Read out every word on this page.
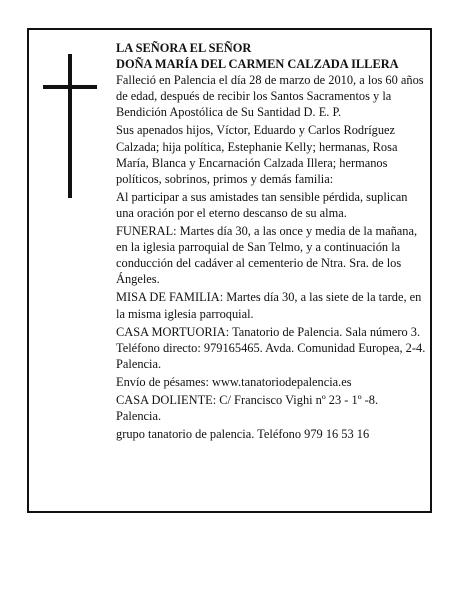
LA SEÑORA EL SEÑOR
DOÑA MARÍA DEL CARMEN CALZADA ILLERA

Falleció en Palencia el día 28 de marzo de 2010, a los 60 años de edad, después de recibir los Santos Sacramentos y la Bendición Apostólica de Su Santidad D. E. P.

Sus apenados hijos, Víctor, Eduardo y Carlos Rodríguez Calzada; hija política, Estephanie Kelly; hermanas, Rosa María, Blanca y Encarnación Calzada Illera; hermanos políticos, sobrinos, primos y demás familia:

Al participar a sus amistades tan sensible pérdida, suplican una oración por el eterno descanso de su alma.

FUNERAL: Martes día 30, a las once y media de la mañana, en la iglesia parroquial de San Telmo, y a continuación la conducción del cadáver al cementerio de Ntra. Sra. de los Ángeles.

MISA DE FAMILIA: Martes día 30, a las siete de la tarde, en la misma iglesia parroquial.

CASA MORTUORIA: Tanatorio de Palencia. Sala número 3. Teléfono directo: 979165465. Avda. Comunidad Europea, 2-4. Palencia.

Envío de pésames: www.tanatoriodepalencia.es

CASA DOLIENTE: C/ Francisco Vighi nº 23 - 1º -8. Palencia.

grupo tanatorio de palencia. Teléfono 979 16 53 16
